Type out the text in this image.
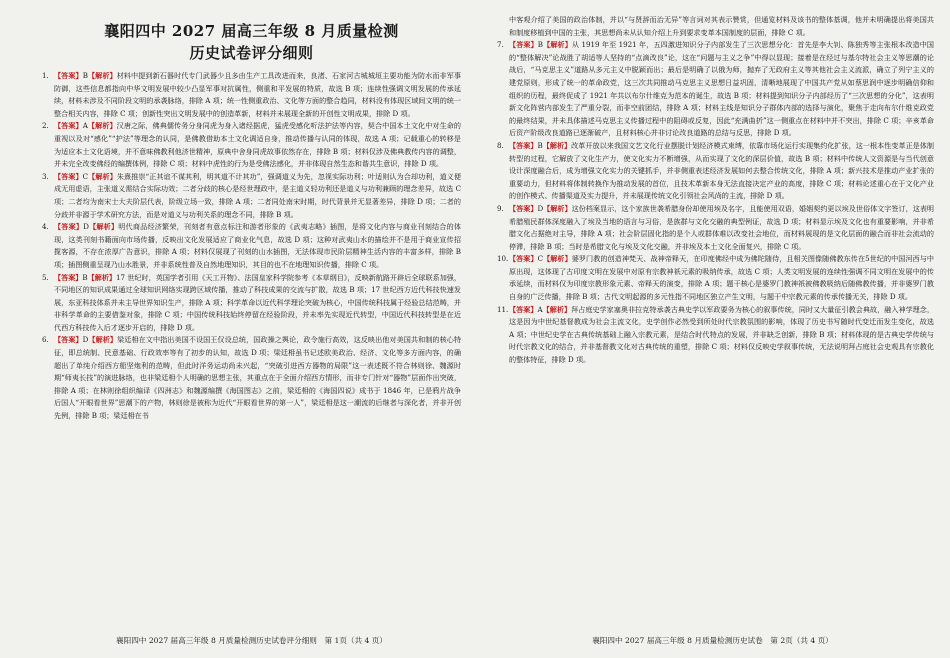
襄阳四中 2027 届高三年级 8 月质量检测
历史试卷评分细则

1. 【答案】B【解析】材料中提到新石器时代专门武器少且多由生产工具改进而来，良渚、石家河古城城垣主要功能为防水而非军事防御，这些信息都指向中华文明发展中较少凸显军事对抗属性，侧重和平发展的特质，故选 B 项；连续性强调文明发展的传承延续，材料未涉及不同阶段文明的承袭脉络，排除 A 项；统一性侧重政治、文化等方面的整合趋同，材料没有体现区域间文明的统一整合相关内容，排除 C 项；创新性突出文明发展中的创造革新，材料并未展现全新的开创性文明成果，排除 D 项。

2. 【答案】A【解析】汉唐之际，佛典儒传务分身同虎为身入诸经据虎，猛虎受感化听法护法等内容，契合中国本土文化中对生命的重视以及对“感化”“护法”等理念的认同，是佛教借助本土文化调适自身，推动传播与认同的体现，故选 A 项；记载重心的转移是为适应本土文化语境，并不意味佛教利他济世精神，原典中舍身同虎故事依然存在，排除 B 项；材料仅涉及佛典教传内容的调整，并未完全改变佛经的编撰体例，排除 C 项；材料中虎性的行为是受佛法感化，并非体现自然生态和谐共生意识，排除 D 项。

3. 【答案】C【解析】朱熹推崇“正其谊不谋其利，明其道不计其功”，强调道义为先，忽视实际功利；叶适则认为合却功利，道义便成无用虚语，主张道义需结合实际功效；二者分歧的核心是经世理政中，是主道义轻功利还是道义与功利兼顾的理念差异，故选 C 项；二者均为南宋士大夫阶层代表，阶级立场一致，排除 A 项；二者同处南宋时期，时代背景并无显著差异，排除 D 项；二者的分歧并非源于学术研究方法，而是对道义与功利关系的理念不同，排除 B 项。

4. 【答案】D【解析】明代商品经济繁荣，刊刻者有意点标注和游者形象的《武夷志略》插图，是将文化内容与商业刊刻结合的体现，这类刊刻书籍面向市场传播，反映出文化发展适应了商业化气息，故选 D 项；这种对武夷山水的描绘并不是用于商业宣传招揽客源，不存在浓厚广告意识，排除 A 项；材料仅展现了刊刻的山水插图，无法体现市民阶层精神生活内容的丰富多样，排除 B 项；插图侧重呈现乃山水胜景，并非系统性普及自然地理知识，其目的也不在地理知识传播，排除 C 项。

5. 【答案】B【解析】17 世纪时，英国学者引用《天工开物》、法国皇家科学院参考《本草纲目》，反映新航路开辟后全球联系加强，不同地区的知识成果通过全球知识网络实现跨区域传播，推动了科技成果的交流与扩散，故选 B 项；17 世纪西方近代科技快速发展，东亚科技体系并未主导世界知识生产，排除 A 项；科学革命以近代科学理论突破为核心，中国传统科技属于经验总结范畴，并非科学革命的主要借鉴对象，排除 C 项；中国传统科技始终停留在经验阶段，并未率先实现近代转型，中国近代科技转型是在近代西方科技传入后才逐步开启的，排除 D 项。

6. 【答案】D【解析】梁廷枏在文中指出美国不设国王仅设总统，国政操之舆论，政令施行高效，这反映出他对美国共和制的核心特征，即总统制、民意基础、行政效率等有了初步的认知，故选 D 项；梁廷枏虽书记述欧美政治、经济、文化等多方面内容，的确超出了单纯介绍西方船坚炮利的范畴，但此时洋务运动尚未兴起，“突破引进西方器物的局限”这一表述既不符合林则徐、魏源时期“师夷长技”的演进脉络，也非梁廷枏个人明确的思想主张，其重点在于全面介绍西方情形，而非专门针对“器物”层面作出突破，排除 A 项；在林则徐组织编译《四洲志》和魏源编撰《海国图志》之前，梁廷枏的《海国四说》成书于 1846 年，已是鸦片战争后国人“开眼看世界”思潮下的产物，林则徐是被称为近代“开眼看世界的第一人”，梁廷枏是这一潮流的后继者与深化者，并非开创先例，排除 B 项；梁廷枏在书

襄阳四中 2027 届高三年级 8 月质量检测历史试卷评分细则　第 1页（共 4 页）

中客观介绍了美国的政治体制，并以“与贤辞而治无异”等言词对其表示赞赏，但通览材料及该书的整体基调，他并未明确提出将美国共和制度移植到中国的主张，其思想尚未从认知介绍上升到要求变革本国制度的层面，排除 C 项。

7. 【答案】B【解析】从 1919 年至 1921 年，五四激进知识分子内部发生了三次思想分化：首先是李大钊、陈独秀等主张根本改造中国的“整体解决”论战胜了胡适等人坚持的“点滴改良”论，这在“问题与主义之争”中得以显现；接着是在经过与基尔特社会主义等思潮的论战后，“马克思主义”道路从多元主义中脱颖而出；最后是明确了以俄为师，抛弃了无政府主义等其他社会主义流派，确立了列宁主义的建党原则，形成了统一的革命政党，这三次共同推动马克思主义思想日益巩固，清晰地展现了中国共产党从如蔡思润中逐步明确信仰和组织的历程，最终促成了 1921 年共以布尔什维克为范本的诞生，故选 B 项；材料提到知识分子内部经历了“三次思想的分化”，这表明新文化阵营内部发生了严重分裂，而非空前团结，排除 A 项；材料主线是知识分子群体内部的选择与演化，聚焦于走向布尔什维克政党的最终结果，并未具体描述马克思主义传播过程中的阻碍或反复，因此“充满曲折”这一侧重点在材料中并不突出，排除 C 项；辛亥革命后资产阶级改良道路已逐渐破产，且材料核心并非讨论改良道路的总结与反思，排除 D 项。

8. 【答案】B【解析】改革开放以来我国文艺文化行业摆脱计划经济模式束缚，依靠市场化运行实现集约化扩张，这一根本性变革正是体制转型的过程，它解放了文化生产力，使文化实力不断增强，从而实现了文化的深层价值，故选 B 项；材料中传统人文资源是与当代创意设计深度融合后，成为增强文化实力的关键抓手，并非侧重表述经济发展如何去整合传统文化，排除 A 项；新兴技术是推动产业扩张的重要动力，但材料将体制转换作为推动发展的首位，且技术革新本身无法直接决定产业的高度，排除 C 项；材料论述重心在于文化产业的创作模式、传播渠道及实力提升，并未展现传统文化引领社会风尚的主流，排除 D 项。

9. 【答案】D【解析】这份档案显示，这个家族世袭希腊身份却使用埃及名字，且能使用双语，婚姻契约更以埃及世俗体文字签订，这表明希腊殖民群体深度融入了埃及当地的语言与习俗，是族群与文化交融的典型例证，故选 D 项；材料显示埃及文化也有重要影响，并非希腊文化占据绝对主导，排除 A 项；社会阶层固化指的是个人或群体难以改变社会地位，而材料展现的是文化层面的融合而非社会流动的停滞，排除 B 项；当时是希腊文化与埃及文化交融，并非埃及本土文化全面复兴，排除 C 项。

10. 【答案】C【解析】婆罗门教的创造神梵天、战神帝释天，在印度佛经中成为佛陀随侍，且相关图像随佛教东传在5世纪的中国河西与中原出现，这体现了古印度文明在发展中对原有宗教神祇元素的吸纳传承，故选 C 项；人类文明发展的连续性强调不同文明在发展中的传承延续，而材料仅为印度宗教形象元素、帝释天的演变，排除 A 项；题干核心是婆罗门教神祇被佛教吸纳后随佛教传播，并非婆罗门教自身的广泛传播，排除 B 项；古代文明起源的多元性指不同地区独立产生文明，与题干中宗教元素的传承传播无关，排除 D 项。

11. 【答案】A【解析】拜占庭史学家塞奥非拉克特承袭古典史学以军政要务为核心的叙事传统，同时又大量征引教会典故，融入神学理念，这是因为中世纪基督教成为社会主流文化，史学创作必然受到所处时代宗教氛围的影响，体现了历史书写随时代变迁而发生变化，故选 A 项；中世纪史学在古典传统基础上融入宗教元素，是结合时代特点的发展，并非缺乏创新，排除 B 项；材料体现的是古典史学传统与时代宗教文化的结合，并非基督教文化对古典传统的重塑，排除 C 项；材料仅反映史学叙事传统，无法说明拜占庭社会史观具有宗教化的整体特征，排除 D 项。

襄阳四中 2027 届高三年级 8 月质量检测历史试卷　第 2页（共 4 页）
